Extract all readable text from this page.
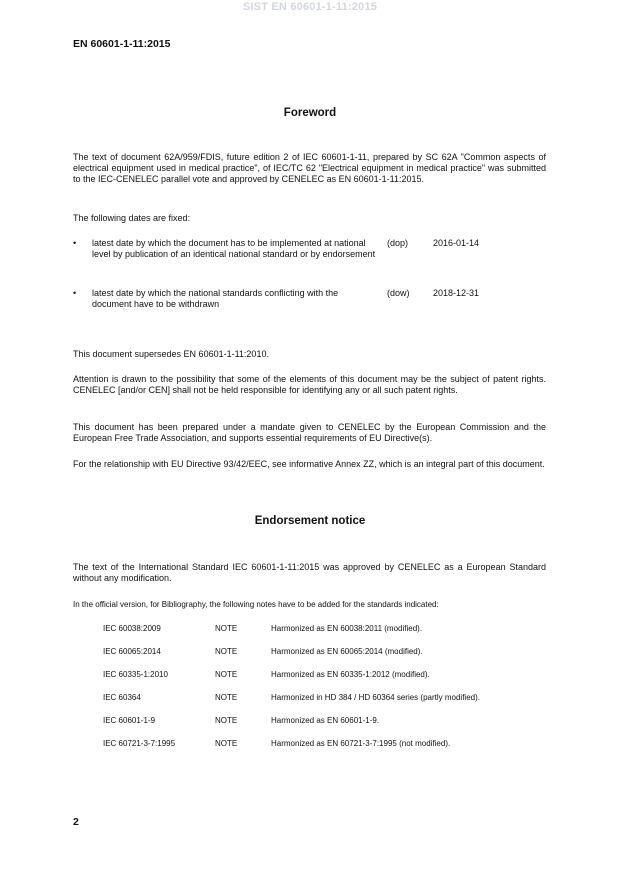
SIST EN 60601-1-11:2015
EN 60601-1-11:2015
Foreword
The text of document 62A/959/FDIS, future edition 2 of IEC 60601-1-11, prepared by SC 62A "Common aspects of electrical equipment used in medical practice", of IEC/TC 62 "Electrical equipment in medical practice" was submitted to the IEC-CENELEC parallel vote and approved by CENELEC as EN 60601-1-11:2015.
The following dates are fixed:
• latest date by which the document has to be implemented at national level by publication of an identical national standard or by endorsement
(dop)	2016-01-14
• latest date by which the national standards conflicting with the document have to be withdrawn
(dow)	2018-12-31
This document supersedes EN 60601-1-11:2010.
Attention is drawn to the possibility that some of the elements of this document may be the subject of patent rights. CENELEC [and/or CEN] shall not be held responsible for identifying any or all such patent rights.
This document has been prepared under a mandate given to CENELEC by the European Commission and the European Free Trade Association, and supports essential requirements of EU Directive(s).
For the relationship with EU Directive 93/42/EEC, see informative Annex ZZ, which is an integral part of this document.
Endorsement notice
The text of the International Standard IEC 60601-1-11:2015 was approved by CENELEC as a European Standard without any modification.
In the official version, for Bibliography, the following notes have to be added for the standards indicated:
IEC 60038:2009	NOTE	Harmonized as EN 60038:2011 (modified).
IEC 60065:2014	NOTE	Harmonized as EN 60065:2014 (modified).
IEC 60335-1:2010	NOTE	Harmonized as EN 60335-1:2012 (modified).
IEC 60364	NOTE	Harmonized in HD 384 / HD 60364 series (partly modified).
IEC 60601-1-9	NOTE	Harmonized as EN 60601-1-9.
IEC 60721-3-7:1995	NOTE	Harmonized as EN 60721-3-7:1995 (not modified).
2
